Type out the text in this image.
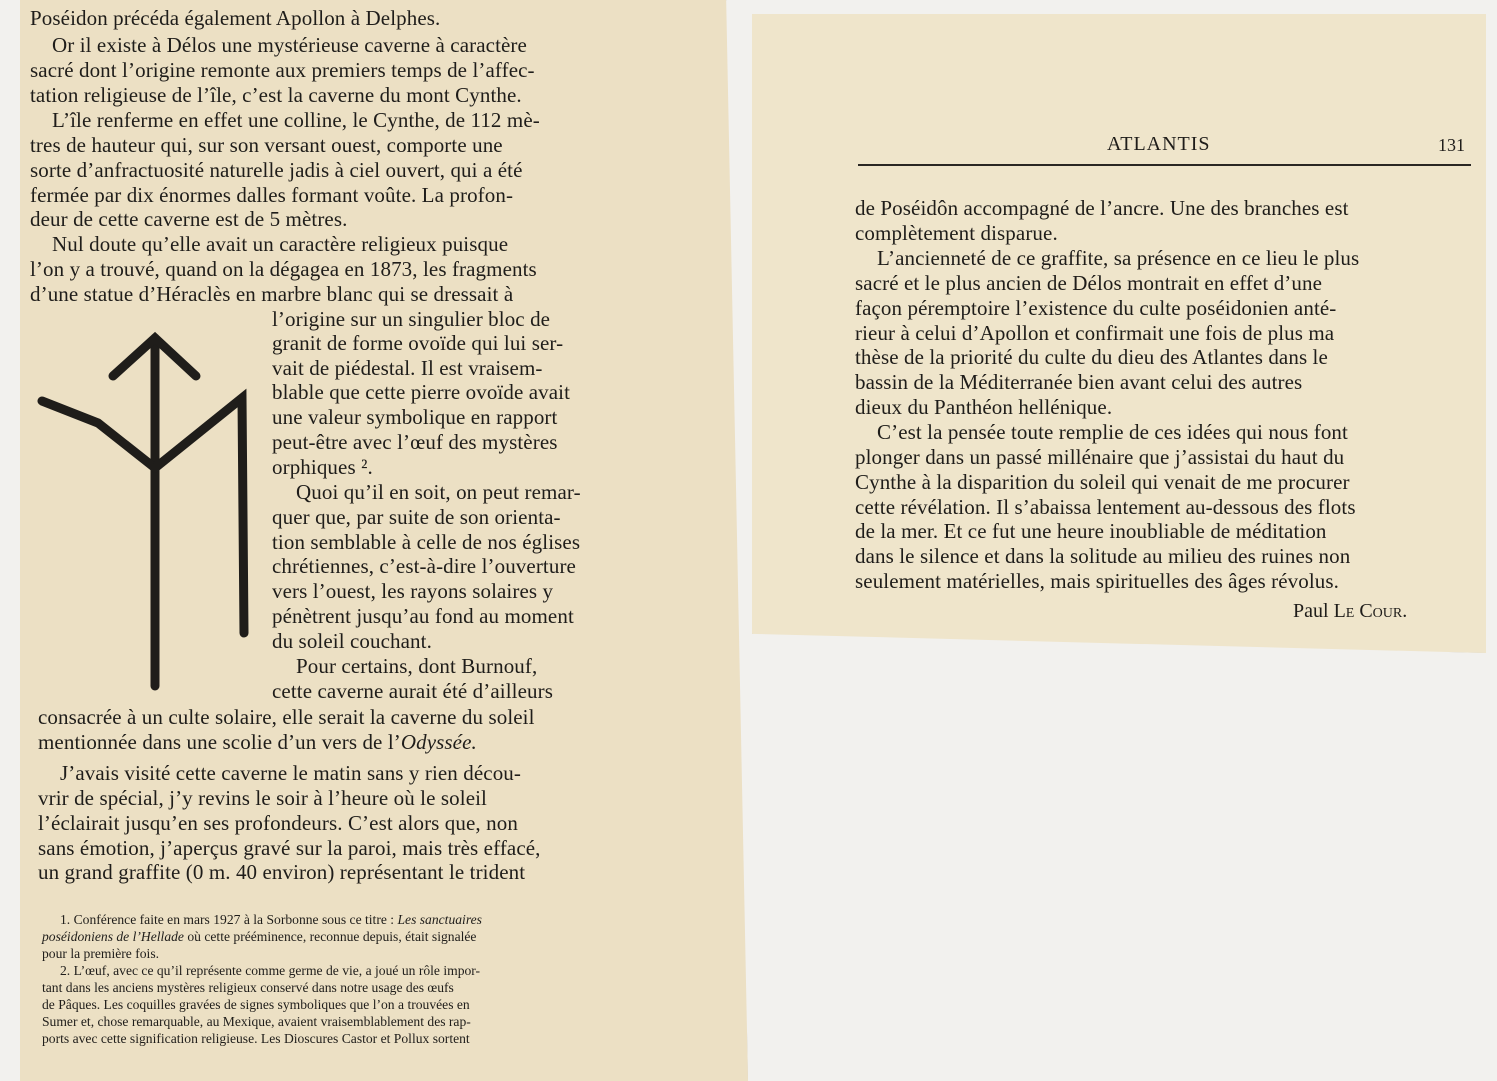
Poséidon précéda également Apollon à Delphes.

Or il existe à Délos une mystérieuse caverne à caractère

sacré dont l’origine remonte aux premiers temps de l’affec-

tation religieuse de l’île, c’est la caverne du mont Cynthe.

L’île renferme en effet une colline, le Cynthe, de 112 mè-

tres de hauteur qui, sur son versant ouest, comporte une

sorte d’anfractuosité naturelle jadis à ciel ouvert, qui a été

fermée par dix énormes dalles formant voûte. La profon-

deur de cette caverne est de 5 mètres.

Nul doute qu’elle avait un caractère religieux puisque

l’on y a trouvé, quand on la dégagea en 1873, les fragments

d’une statue d’Héraclès en marbre blanc qui se dressait à

l’origine sur un singulier bloc de

granit de forme ovoïde qui lui ser-

vait de piédestal. Il est vraisem-

blable que cette pierre ovoïde avait

une valeur symbolique en rapport

peut-être avec l’œuf des mystères

orphiques ².

Quoi qu’il en soit, on peut remar-

quer que, par suite de son orienta-

tion semblable à celle de nos églises

chrétiennes, c’est-à-dire l’ouverture

vers l’ouest, les rayons solaires y

pénètrent jusqu’au fond au moment

du soleil couchant.

Pour certains, dont Burnouf,

cette caverne aurait été d’ailleurs

consacrée à un culte solaire, elle serait la caverne du soleil

mentionnée dans une scolie d’un vers de l’Odyssée.

J’avais visité cette caverne le matin sans y rien décou-

vrir de spécial, j’y revins le soir à l’heure où le soleil

l’éclairait jusqu’en ses profondeurs. C’est alors que, non

sans émotion, j’aperçus gravé sur la paroi, mais très effacé,

un grand graffite (0 m. 40 environ) représentant le trident

1. Conférence faite en mars 1927 à la Sorbonne sous ce titre : Les sanctuaires

poséidoniens de l’Hellade où cette prééminence, reconnue depuis, était signalée

pour la première fois.

2. L’œuf, avec ce qu’il représente comme germe de vie, a joué un rôle impor-

tant dans les anciens mystères religieux conservé dans notre usage des œufs

de Pâques. Les coquilles gravées de signes symboliques que l’on a trouvées en

Sumer et, chose remarquable, au Mexique, avaient vraisemblablement des rap-

ports avec cette signification religieuse. Les Dioscures Castor et Pollux sortent

ATLANTIS	131

de Poséidôn accompagné de l’ancre. Une des branches est

complètement disparue.

L’ancienneté de ce graffite, sa présence en ce lieu le plus

sacré et le plus ancien de Délos montrait en effet d’une

façon péremptoire l’existence du culte poséidonien anté-

rieur à celui d’Apollon et confirmait une fois de plus ma

thèse de la priorité du culte du dieu des Atlantes dans le

bassin de la Méditerranée bien avant celui des autres

dieux du Panthéon hellénique.

C’est la pensée toute remplie de ces idées qui nous font

plonger dans un passé millénaire que j’assistai du haut du

Cynthe à la disparition du soleil qui venait de me procurer

cette révélation. Il s’abaissa lentement au-dessous des flots

de la mer. Et ce fut une heure inoubliable de méditation

dans le silence et dans la solitude au milieu des ruines non

seulement matérielles, mais spirituelles des âges révolus.

Paul Le Cour.
